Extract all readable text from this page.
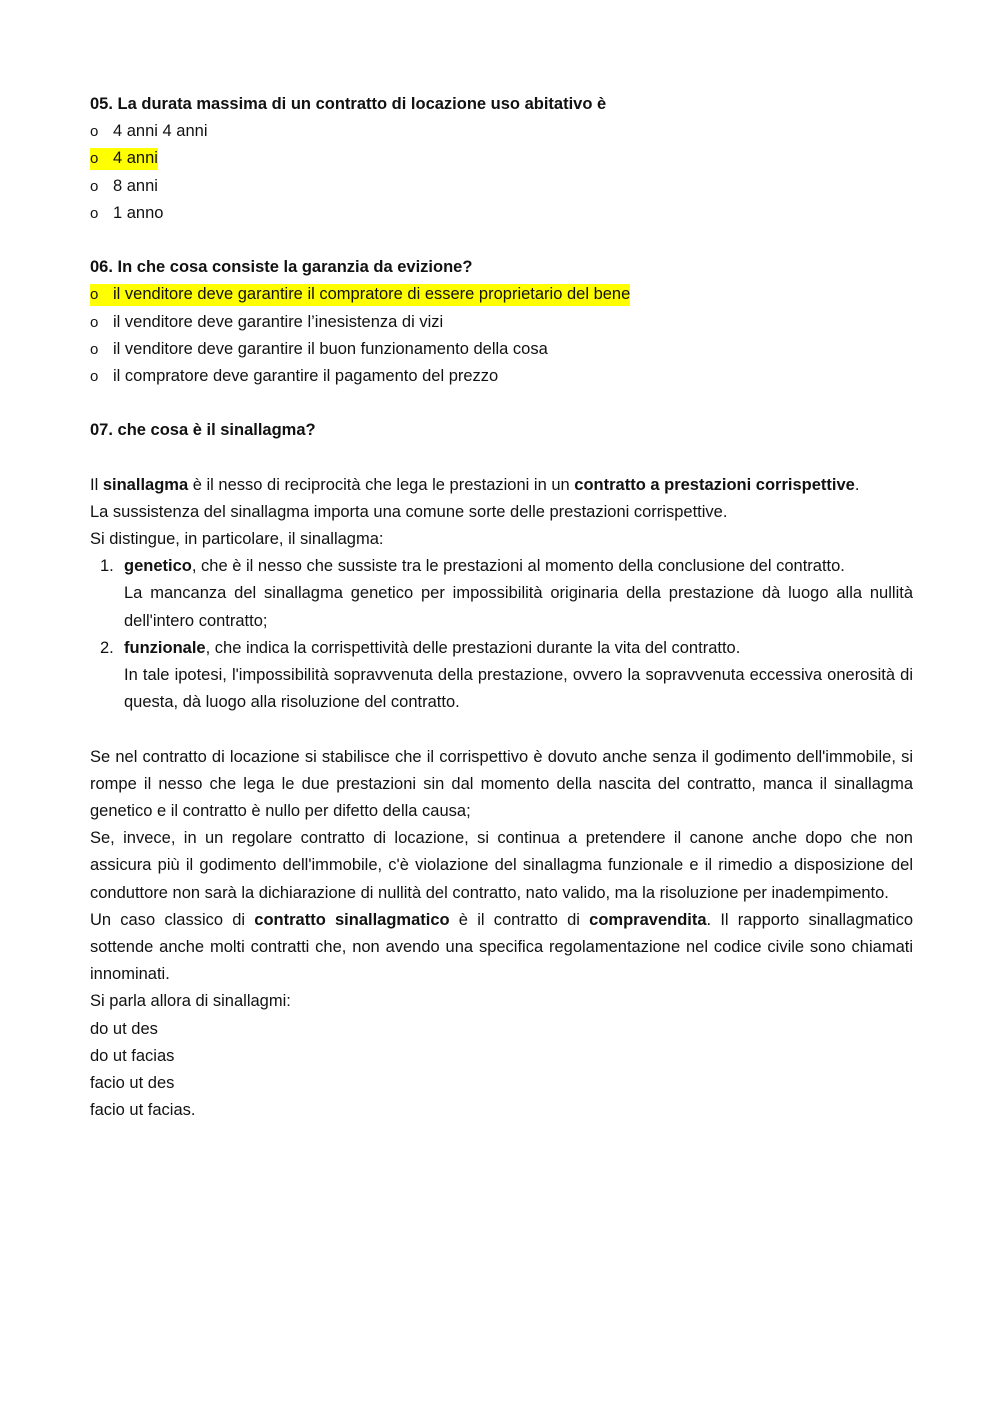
05. La durata massima di un contratto di locazione uso abitativo è
o 4 anni 4 anni
o 4 anni
o 8 anni
o 1 anno
06. In che cosa consiste la garanzia da evizione?
o il venditore deve garantire il compratore di essere proprietario del bene
o il venditore deve garantire l’inesistenza di vizi
o il venditore deve garantire il buon funzionamento della cosa
o il compratore deve garantire il pagamento del prezzo
07. che cosa è il sinallagma?
Il sinallagma è il nesso di reciprocità che lega le prestazioni in un contratto a prestazioni corrispettive.
La sussistenza del sinallagma importa una comune sorte delle prestazioni corrispettive.
Si distingue, in particolare, il sinallagma:
1. genetico, che è il nesso che sussiste tra le prestazioni al momento della conclusione del contratto.
La mancanza del sinallagma genetico per impossibilità originaria della prestazione dà luogo alla nullità dell'intero contratto;
2. funzionale, che indica la corrispettività delle prestazioni durante la vita del contratto.
In tale ipotesi, l'impossibilità sopravvenuta della prestazione, ovvero la sopravvenuta eccessiva onerosità di questa, dà luogo alla risoluzione del contratto.
Se nel contratto di locazione si stabilisce che il corrispettivo è dovuto anche senza il godimento dell'immobile, si rompe il nesso che lega le due prestazioni sin dal momento della nascita del contratto, manca il sinallagma genetico e il contratto è nullo per difetto della causa;
Se, invece, in un regolare contratto di locazione, si continua a pretendere il canone anche dopo che non assicura più il godimento dell'immobile, c'è violazione del sinallagma funzionale e il rimedio a disposizione del conduttore non sarà la dichiarazione di nullità del contratto, nato valido, ma la risoluzione per inadempimento.
Un caso classico di contratto sinallagmatico è il contratto di compravendita. Il rapporto sinallagmatico sottende anche molti contratti che, non avendo una specifica regolamentazione nel codice civile sono chiamati innominati.
Si parla allora di sinallagmi:
do ut des
do ut facias
facio ut des
facio ut facias.
